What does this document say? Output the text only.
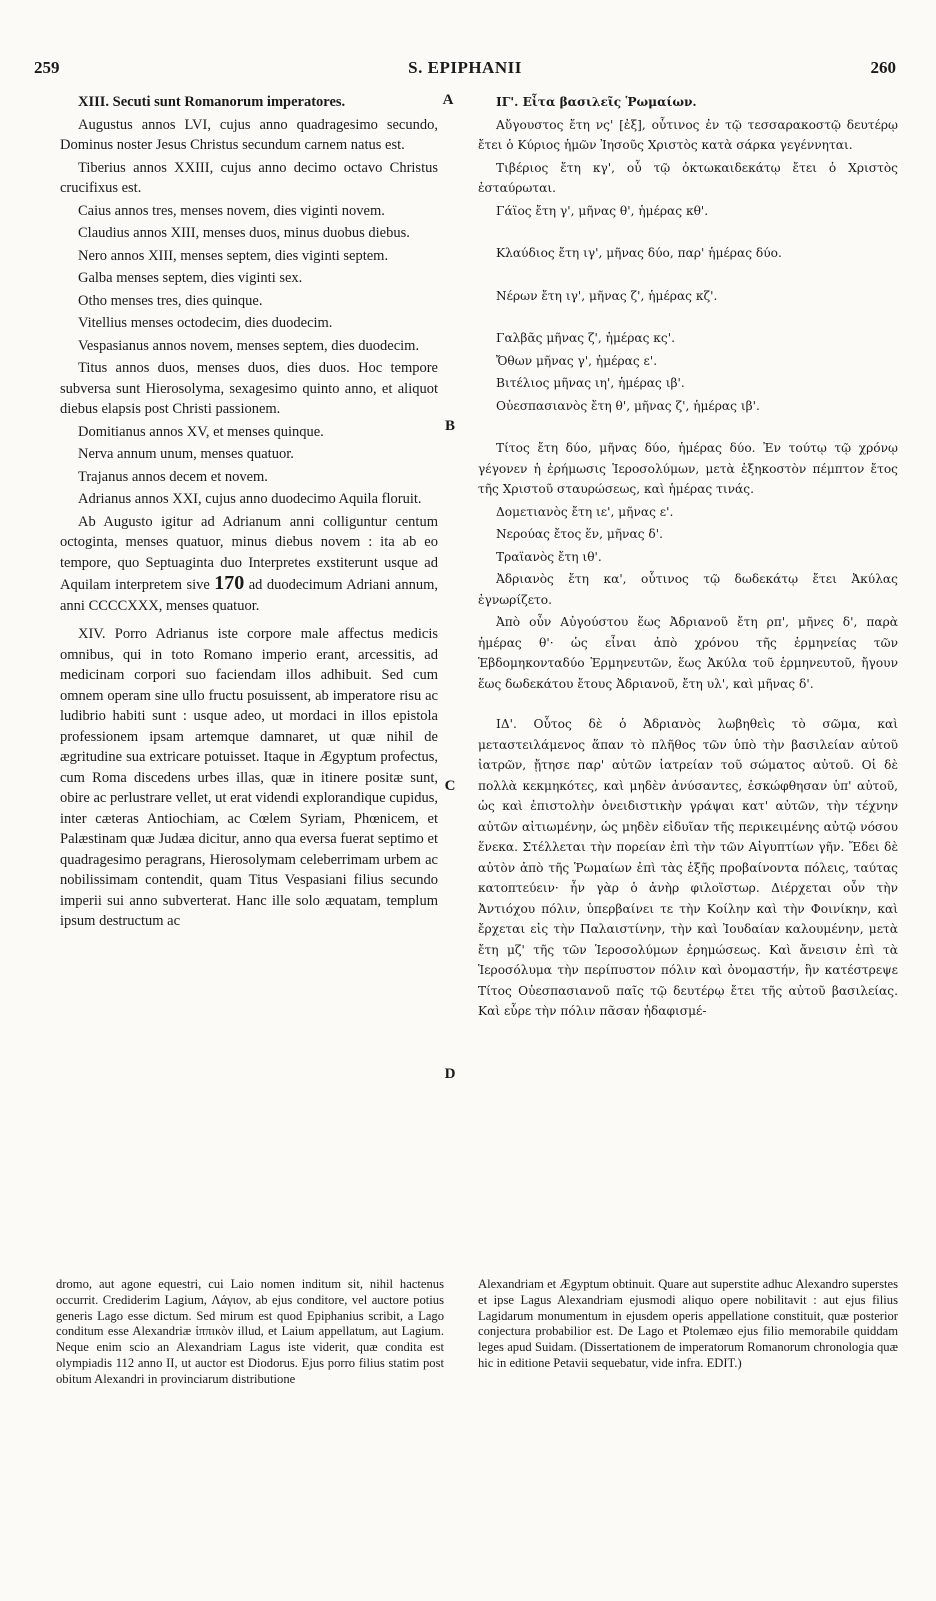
259	S. EPIPHANII	260
A
B
C
D

XIII. Secuti sunt Romanorum imperatores.

Augustus annos LVI, cujus anno quadragesimo secundo, Dominus noster Jesus Christus secundum carnem natus est.

Tiberius annos XXIII, cujus anno decimo octavo Christus crucifixus est.

Caius annos tres, menses novem, dies viginti novem.

Claudius annos XIII, menses duos, minus duobus diebus.

Nero annos XIII, menses septem, dies viginti septem.

Galba menses septem, dies viginti sex.

Otho menses tres, dies quinque.

Vitellius menses octodecim, dies duodecim.

Vespasianus annos novem, menses septem, dies duodecim.

Titus annos duos, menses duos, dies duos. Hoc tempore subversa sunt Hierosolyma, sexagesimo quinto anno, et aliquot diebus elapsis post Christi passionem.

Domitianus annos XV, et menses quinque.

Nerva annum unum, menses quatuor.

Trajanus annos decem et novem.

Adrianus annos XXI, cujus anno duodecimo Aquila floruit.

Ab Augusto igitur ad Adrianum anni colliguntur centum octoginta, menses quatuor, minus diebus novem : ita ab eo tempore, quo Septuaginta duo Interpretes exstiterunt usque ad Aquilam interpretem sive 170 ad duodecimum Adriani annum, anni CCCCXXX, menses quatuor.

XIV. Porro Adrianus iste corpore male affectus medicis omnibus, qui in toto Romano imperio erant, arcessitis, ad medicinam corpori suo faciendam illos adhibuit. Sed cum omnem operam sine ullo fructu posuissent, ab imperatore risu ac ludibrio habiti sunt : usque adeo, ut mordaci in illos epistola professionem ipsam artemque damnaret, ut quæ nihil de ægritudine sua extricare potuisset. Itaque in Ægyptum profectus, cum Roma discedens urbes illas, quæ in itinere positæ sunt, obire ac perlustrare vellet, ut erat videndi explorandique cupidus, inter cæteras Antiochiam, ac Cœlem Syriam, Phœnicem, et Palæstinam quæ Judæa dicitur, anno qua eversa fuerat septimo et quadragesimo peragrans, Hierosolymam celeberrimam urbem ac nobilissimam contendit, quam Titus Vespasiani filius secundo imperii sui anno subverterat. Hanc ille solo æquatam, templum ipsum destructum ac

ΙΓ'. Εἶτα βασιλεῖς Ῥωμαίων.

Αὔγουστος ἔτη νς' [ἐξ], οὗτινος ἐν τῷ τεσσαρακοστῷ δευτέρῳ ἔτει ὁ Κύριος ἡμῶν Ἰησοῦς Χριστὸς κατὰ σάρκα γεγέννηται.

Τιβέριος ἔτη κγ', οὗ τῷ ὀκτωκαιδεκάτῳ ἔτει ὁ Χριστὸς ἐσταύρωται.

Γάϊος ἔτη γ', μῆνας θ', ἡμέρας κθ'.

Κλαύδιος ἔτη ιγ', μῆνας δύο, παρ' ἡμέρας δύο.

Νέρων ἔτη ιγ', μῆνας ζ', ἡμέρας κζ'.

Γαλβᾶς μῆνας ζ', ἡμέρας κς'.

Ὄθων μῆνας γ', ἡμέρας ε'.

Βιτέλιος μῆνας ιη', ἡμέρας ιβ'.

Οὐεσπασιανὸς ἔτη θ', μῆνας ζ', ἡμέρας ιβ'.

Τίτος ἔτη δύο, μῆνας δύο, ἡμέρας δύο. Ἐν τούτῳ τῷ χρόνῳ γέγονεν ἡ ἐρήμωσις Ἱεροσολύμων, μετὰ ἑξηκοστὸν πέμπτον ἔτος τῆς Χριστοῦ σταυρώσεως, καὶ ἡμέρας τινάς.

Δομετιανὸς ἔτη ιε', μῆνας ε'.

Νερούας ἔτος ἕν, μῆνας δ'.

Τραϊανὸς ἔτη ιθ'.

Ἀδριανὸς ἔτη κα', οὗτινος τῷ δωδεκάτῳ ἔτει Ἀκύλας ἐγνωρίζετο.

Ἀπὸ οὖν Αὐγούστου ἕως Ἀδριανοῦ ἔτη ρπ', μῆνες δ', παρὰ ἡμέρας θ'· ὡς εἶναι ἀπὸ χρόνου τῆς ἑρμηνείας τῶν Ἑβδομηκονταδύο Ἑρμηνευτῶν, ἕως Ἀκύλα τοῦ ἑρμηνευτοῦ, ἤγουν ἕως δωδεκάτου ἔτους Ἀδριανοῦ, ἔτη υλ', καὶ μῆνας δ'.

ΙΔ'. Οὗτος δὲ ὁ Ἀδριανὸς λωβηθεὶς τὸ σῶμα, καὶ μεταστειλάμενος ἅπαν τὸ πλῆθος τῶν ὑπὸ τὴν βασιλείαν αὐτοῦ ἰατρῶν, ᾔτησε παρ' αὐτῶν ἰατρείαν τοῦ σώματος αὐτοῦ. Οἱ δὲ πολλὰ κεκμηκότες, καὶ μηδὲν ἀνύσαντες, ἐσκώφθησαν ὑπ' αὐτοῦ, ὡς καὶ ἐπιστολὴν ὀνειδιστικὴν γράψαι κατ' αὐτῶν, τὴν τέχνην αὐτῶν αἰτιωμένην, ὡς μηδὲν εἰδυῖαν τῆς περικειμένης αὐτῷ νόσου ἕνεκα. Στέλλεται τὴν πορείαν ἐπὶ τὴν τῶν Αἰγυπτίων γῆν. Ἔδει δὲ αὐτὸν ἀπὸ τῆς Ῥωμαίων ἐπὶ τὰς ἑξῆς προβαίνοντα πόλεις, ταύτας κατοπτεύειν· ἦν γὰρ ὁ ἀνὴρ φιλοϊστωρ. Διέρχεται οὖν τὴν Ἀντιόχου πόλιν, ὑπερβαίνει τε τὴν Κοίλην καὶ τὴν Φοινίκην, καὶ ἔρχεται εἰς τὴν Παλαιστίνην, τὴν καὶ Ἰουδαίαν καλουμένην, μετὰ ἔτη μζ' τῆς τῶν Ἱεροσολύμων ἐρημώσεως. Καὶ ἄνεισιν ἐπὶ τὰ Ἱεροσόλυμα τὴν περίπυστον πόλιν καὶ ὀνομαστήν, ἣν κατέστρεψε Τίτος Οὐεσπασιανοῦ παῖς τῷ δευτέρῳ ἔτει τῆς αὐτοῦ βασιλείας. Καὶ εὗρε τὴν πόλιν πᾶσαν ἠδαφισμέ-

dromo, aut agone equestri, cui Laio nomen inditum sit, nihil hactenus occurrit. Crediderim Lagium, Λάγιον, ab ejus conditore, vel auctore potius generis Lago esse dictum. Sed mirum est quod Epiphanius scribit, a Lago conditum esse Alexandriæ ἱππικὸν illud, et Laium appellatum, aut Lagium. Neque enim scio an Alexandriam Lagus iste viderit, quæ condita est olympiadis 112 anno II, ut auctor est Diodorus. Ejus porro filius statim post obitum Alexandri in provinciarum distributione
Alexandriam et Ægyptum obtinuit. Quare aut superstite adhuc Alexandro superstes et ipse Lagus Alexandriam ejusmodi aliquo opere nobilitavit : aut ejus filius Lagidarum monumentum in ejusdem operis appellatione constituit, quæ posterior conjectura probabilior est. De Lago et Ptolemæo ejus filio memorabile quiddam leges apud Suidam. (Dissertationem de imperatorum Romanorum chronologia quæ hic in editione Petavii sequebatur, vide infra. EDIT.)
